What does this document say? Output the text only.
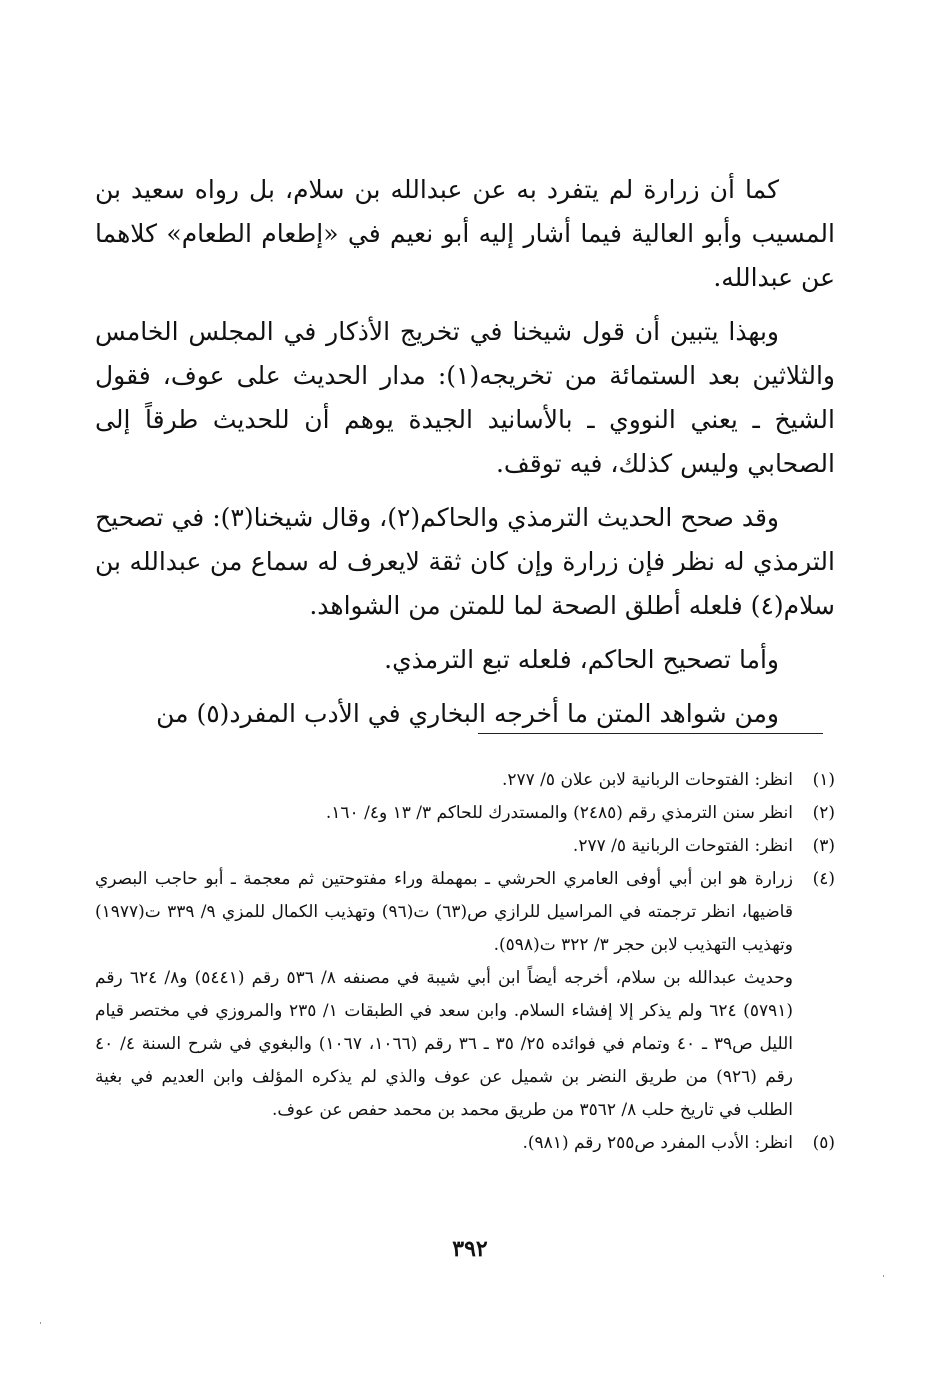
كما أن زرارة لم يتفرد به عن عبدالله بن سلام، بل رواه سعيد بن المسيب وأبو العالية فيما أشار إليه أبو نعيم في «إطعام الطعام» كلاهما عن عبدالله.

وبهذا يتبين أن قول شيخنا في تخريج الأذكار في المجلس الخامس والثلاثين بعد الستمائة من تخريجه(١): مدار الحديث على عوف، فقول الشيخ ـ يعني النووي ـ بالأسانيد الجيدة يوهم أن للحديث طرقاً إلى الصحابي وليس كذلك، فيه توقف.

وقد صحح الحديث الترمذي والحاكم(٢)، وقال شيخنا(٣): في تصحيح الترمذي له نظر فإن زرارة وإن كان ثقة لايعرف له سماع من عبدالله بن سلام(٤) فلعله أطلق الصحة لما للمتن من الشواهد.

وأما تصحيح الحاكم، فلعله تبع الترمذي.

ومن شواهد المتن ما أخرجه البخاري في الأدب المفرد(٥) من

(١)
انظر: الفتوحات الربانية لابن علان ٥/ ٢٧٧.
(٢)
انظر سنن الترمذي رقم (٢٤٨٥) والمستدرك للحاكم ٣/ ١٣ و٤/ ١٦٠.
(٣)
انظر: الفتوحات الربانية ٥/ ٢٧٧.
(٤)
زرارة هو ابن أبي أوفى العامري الحرشي ـ بمهملة وراء مفتوحتين ثم معجمة ـ أبو حاجب البصري قاضيها، انظر ترجمته في المراسيل للرازي ص(٦٣) ت(٩٦) وتهذيب الكمال للمزي ٩/ ٣٣٩ ت(١٩٧٧) وتهذيب التهذيب لابن حجر ٣/ ٣٢٢ ت(٥٩٨).
وحديث عبدالله بن سلام، أخرجه أيضاً ابن أبي شيبة في مصنفه ٨/ ٥٣٦ رقم (٥٤٤١) و٨/ ٦٢٤ رقم (٥٧٩١) ٦٢٤ ولم يذكر إلا إفشاء السلام. وابن سعد في الطبقات ١/ ٢٣٥ والمروزي في مختصر قيام الليل ص٣٩ ـ ٤٠ وتمام في فوائده ٢٥/ ٣٥ ـ ٣٦ رقم (١٠٦٦، ١٠٦٧) والبغوي في شرح السنة ٤/ ٤٠ رقم (٩٢٦) من طريق النضر بن شميل عن عوف والذي لم يذكره المؤلف وابن العديم في بغية الطلب في تاريخ حلب ٨/ ٣٥٦٢ من طريق محمد بن محمد حفص عن عوف.
(٥)
انظر: الأدب المفرد ص٢٥٥ رقم (٩٨١).
٣٩٢
